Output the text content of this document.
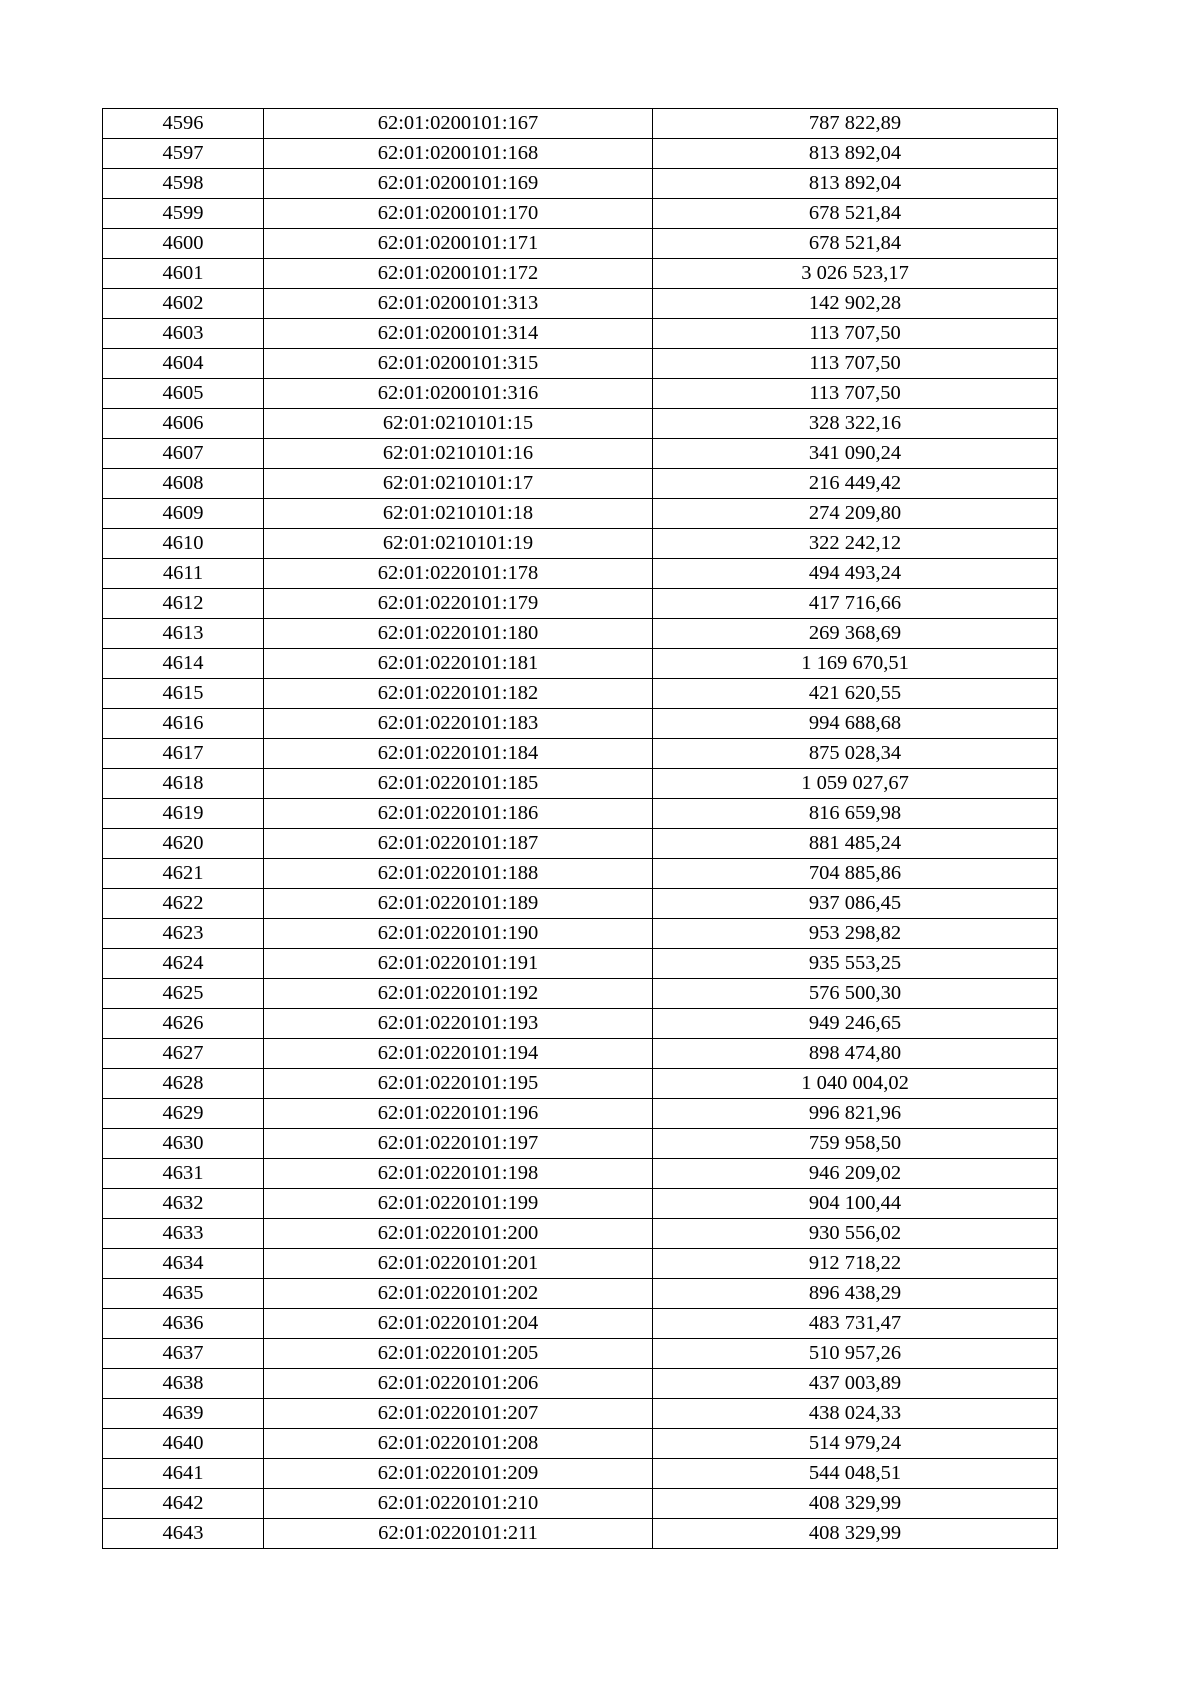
4596	62:01:0200101:167	787 822,89
4597	62:01:0200101:168	813 892,04
4598	62:01:0200101:169	813 892,04
4599	62:01:0200101:170	678 521,84
4600	62:01:0200101:171	678 521,84
4601	62:01:0200101:172	3 026 523,17
4602	62:01:0200101:313	142 902,28
4603	62:01:0200101:314	113 707,50
4604	62:01:0200101:315	113 707,50
4605	62:01:0200101:316	113 707,50
4606	62:01:0210101:15	328 322,16
4607	62:01:0210101:16	341 090,24
4608	62:01:0210101:17	216 449,42
4609	62:01:0210101:18	274 209,80
4610	62:01:0210101:19	322 242,12
4611	62:01:0220101:178	494 493,24
4612	62:01:0220101:179	417 716,66
4613	62:01:0220101:180	269 368,69
4614	62:01:0220101:181	1 169 670,51
4615	62:01:0220101:182	421 620,55
4616	62:01:0220101:183	994 688,68
4617	62:01:0220101:184	875 028,34
4618	62:01:0220101:185	1 059 027,67
4619	62:01:0220101:186	816 659,98
4620	62:01:0220101:187	881 485,24
4621	62:01:0220101:188	704 885,86
4622	62:01:0220101:189	937 086,45
4623	62:01:0220101:190	953 298,82
4624	62:01:0220101:191	935 553,25
4625	62:01:0220101:192	576 500,30
4626	62:01:0220101:193	949 246,65
4627	62:01:0220101:194	898 474,80
4628	62:01:0220101:195	1 040 004,02
4629	62:01:0220101:196	996 821,96
4630	62:01:0220101:197	759 958,50
4631	62:01:0220101:198	946 209,02
4632	62:01:0220101:199	904 100,44
4633	62:01:0220101:200	930 556,02
4634	62:01:0220101:201	912 718,22
4635	62:01:0220101:202	896 438,29
4636	62:01:0220101:204	483 731,47
4637	62:01:0220101:205	510 957,26
4638	62:01:0220101:206	437 003,89
4639	62:01:0220101:207	438 024,33
4640	62:01:0220101:208	514 979,24
4641	62:01:0220101:209	544 048,51
4642	62:01:0220101:210	408 329,99
4643	62:01:0220101:211	408 329,99
